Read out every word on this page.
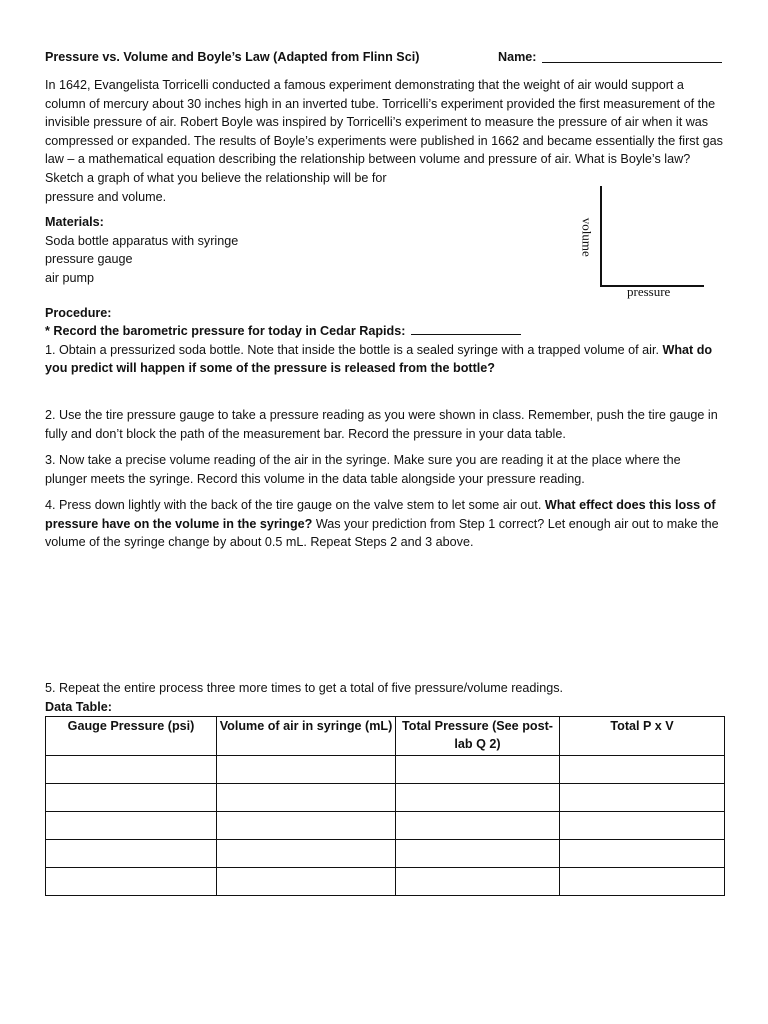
Pressure vs. Volume and Boyle’s Law (Adapted from Flinn Sci)	Name:

In 1642, Evangelista Torricelli conducted a famous experiment demonstrating that the weight of air would support a column of mercury about 30 inches high in an inverted tube. Torricelli’s experiment provided the first measurement of the invisible pressure of air. Robert Boyle was inspired by Torricelli’s experiment to measure the pressure of air when it was compressed or expanded. The results of Boyle’s experiments were published in 1662 and became essentially the first gas law – a mathematical equation describing the relationship between volume and pressure of air. What is Boyle’s law?

Sketch a graph of what you believe the relationship will be for pressure and volume.

Materials:

Soda bottle apparatus with syringe

pressure gauge

air pump

Procedure:

* Record the barometric pressure for today in Cedar Rapids:

1. Obtain a pressurized soda bottle. Note that inside the bottle is a sealed syringe with a trapped volume of air. What do you predict will happen if some of the pressure is released from the bottle?

2. Use the tire pressure gauge to take a pressure reading as you were shown in class. Remember, push the tire gauge in fully and don’t block the path of the measurement bar. Record the pressure in your data table.

3. Now take a precise volume reading of the air in the syringe. Make sure you are reading it at the place where the plunger meets the syringe. Record this volume in the data table alongside your pressure reading.

4. Press down lightly with the back of the tire gauge on the valve stem to let some air out. What effect does this loss of pressure have on the volume in the syringe? Was your prediction from Step 1 correct? Let enough air out to make the volume of the syringe change by about 0.5 mL. Repeat Steps 2 and 3 above.

volume
pressure

5. Repeat the entire process three more times to get a total of five pressure/volume readings.

Data Table:

Gauge Pressure (psi)	Volume of air in syringe (mL)	Total Pressure (See post-lab Q 2)	Total P x V
